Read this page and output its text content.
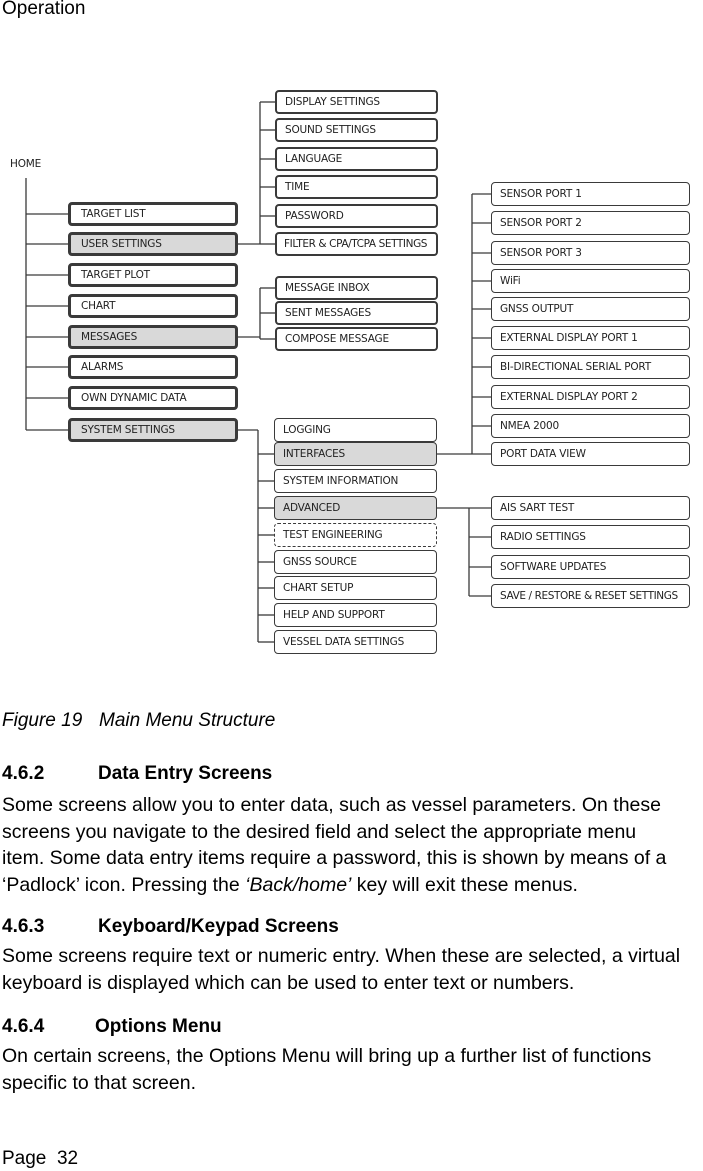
Operation
HOME
TARGET LIST
USER SETTINGS
TARGET PLOT
CHART
MESSAGES
ALARMS
OWN DYNAMIC DATA
SYSTEM SETTINGS
DISPLAY SETTINGS
SOUND SETTINGS
LANGUAGE
TIME
PASSWORD
FILTER & CPA/TCPA SETTINGS
MESSAGE INBOX
SENT MESSAGES
COMPOSE MESSAGE
LOGGING
INTERFACES
SYSTEM INFORMATION
ADVANCED
TEST ENGINEERING
GNSS SOURCE
CHART SETUP
HELP AND SUPPORT
VESSEL DATA SETTINGS
SENSOR PORT 1
SENSOR PORT 2
SENSOR PORT 3
WiFi
GNSS OUTPUT
EXTERNAL DISPLAY PORT 1
BI-DIRECTIONAL SERIAL PORT
EXTERNAL DISPLAY PORT 2
NMEA 2000
PORT DATA VIEW
AIS SART TEST
RADIO SETTINGS
SOFTWARE UPDATES
SAVE / RESTORE & RESET SETTINGS
Figure 19 Main Menu Structure
4.6.2	Data Entry Screens
Some screens allow you to enter data, such as vessel parameters. On these
screens you navigate to the desired field and select the appropriate menu
item. Some data entry items require a password, this is shown by means of a
‘Padlock’ icon. Pressing the ‘Back/home’ key will exit these menus.
4.6.3	Keyboard/Keypad Screens
Some screens require text or numeric entry. When these are selected, a virtual
keyboard is displayed which can be used to enter text or numbers.
4.6.4	Options Menu
On certain screens, the Options Menu will bring up a further list of functions
specific to that screen.
Page 32
